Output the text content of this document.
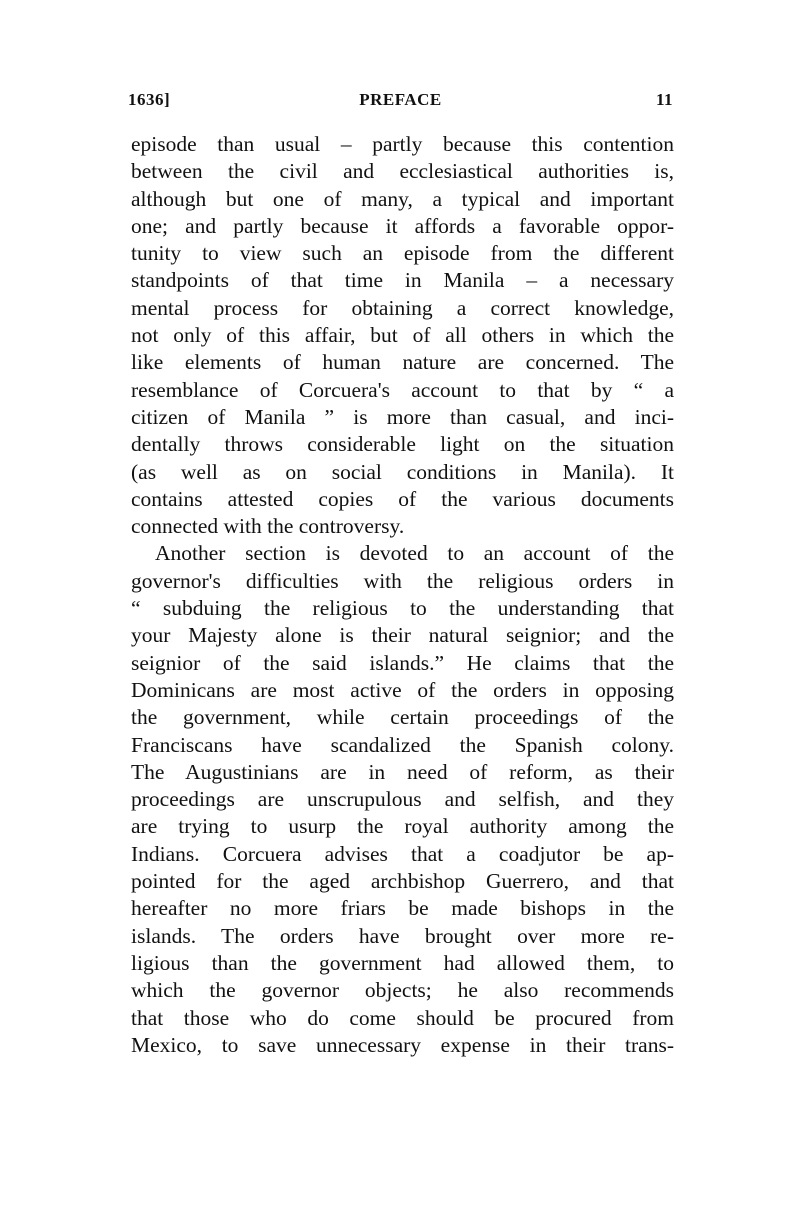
1636]	PREFACE	11
episode than usual – partly because this contention
between the civil and ecclesiastical authorities is,
although but one of many, a typical and important
one; and partly because it affords a favorable oppor-
tunity to view such an episode from the different
standpoints of that time in Manila – a necessary
mental process for obtaining a correct knowledge,
not only of this affair, but of all others in which the
like elements of human nature are concerned. The
resemblance of Corcuera's account to that by “ a
citizen of Manila ” is more than casual, and inci-
dentally throws considerable light on the situation
(as well as on social conditions in Manila). It
contains attested copies of the various documents
connected with the controversy.
Another section is devoted to an account of the
governor's difficulties with the religious orders in
“ subduing the religious to the understanding that
your Majesty alone is their natural seignior; and the
seignior of the said islands.” He claims that the
Dominicans are most active of the orders in opposing
the government, while certain proceedings of the
Franciscans have scandalized the Spanish colony.
The Augustinians are in need of reform, as their
proceedings are unscrupulous and selfish, and they
are trying to usurp the royal authority among the
Indians. Corcuera advises that a coadjutor be ap-
pointed for the aged archbishop Guerrero, and that
hereafter no more friars be made bishops in the
islands. The orders have brought over more re-
ligious than the government had allowed them, to
which the governor objects; he also recommends
that those who do come should be procured from
Mexico, to save unnecessary expense in their trans-
